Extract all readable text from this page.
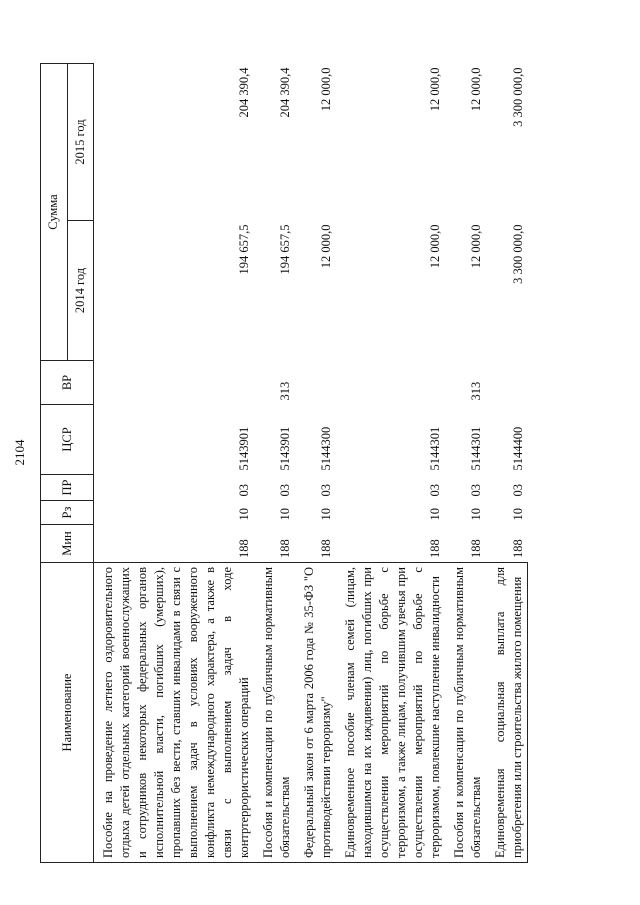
2104
Наименование	Мин	Рз	ПР	ЦСР	ВР	Сумма	
						2014 год	2015 год
Пособие на проведение летнего оздоровительного отдыха детей отдельных категорий военнослужащих и сотрудников некоторых федеральных органов исполнительной власти, погибших (умерших), пропавших без вести, ставших инвалидами в связи с выполнением задач в условиях вооруженного конфликта немеждународного характера, а также в связи с выполнением задач в ходе контртеррористических операций	188	10	03	5143901		194 657,5	204 390,4
Пособия и компенсации по публичным нормативным обязательствам	188	10	03	5143901	313	194 657,5	204 390,4
Федеральный закон от 6 марта 2006 года № 35-ФЗ "О противодействии терроризму"	188	10	03	5144300		12 000,0	12 000,0
Единовременное пособие членам семей (лицам, находившимся на их иждивении) лиц, погибших при осуществлении мероприятий по борьбе с терроризмом, а также лицам, получившим увечья при осуществлении мероприятий по борьбе с терроризмом, повлекшие наступление инвалидности	188	10	03	5144301		12 000,0	12 000,0
Пособия и компенсации по публичным нормативным обязательствам	188	10	03	5144301	313	12 000,0	12 000,0
Единовременная социальная выплата для приобретения или строительства жилого помещения	188	10	03	5144400		3 300 000,0	3 300 000,0
